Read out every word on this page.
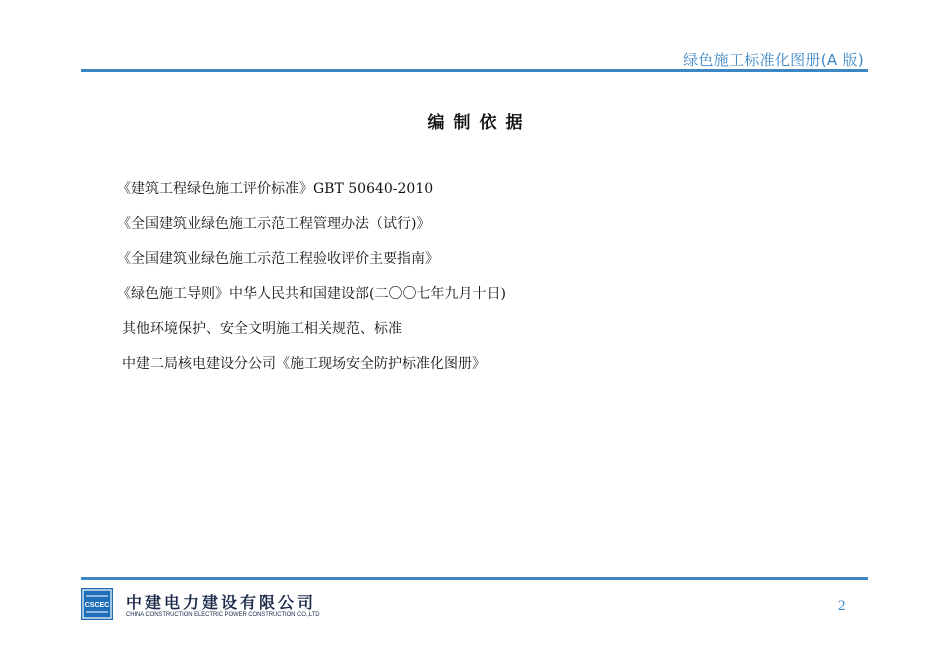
绿色施工标准化图册(A 版)
编制依据
《建筑工程绿色施工评价标准》GBT 50640-2010
《全国建筑业绿色施工示范工程管理办法（试行)》
《全国建筑业绿色施工示范工程验收评价主要指南》
《绿色施工导则》中华人民共和国建设部(二〇〇七年九月十日)
其他环境保护、安全文明施工相关规范、标准
中建二局核电建设分公司《施工现场安全防护标准化图册》
CSCEC 中建电力建设有限公司
CHINA CONSTRUCTION ELECTRIC POWER CONSTRUCTION CO.,LTD
2
